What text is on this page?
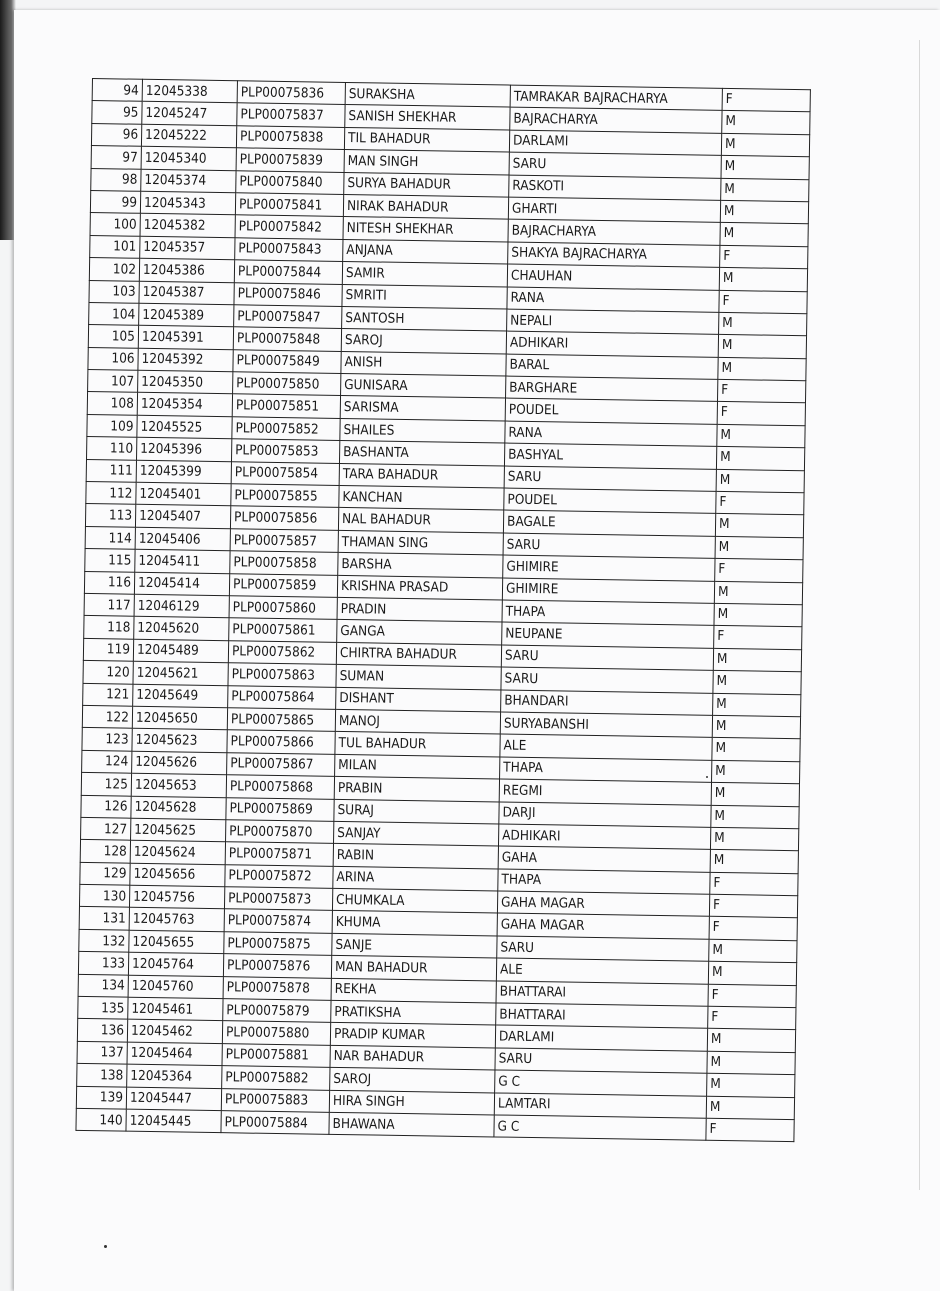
94	12045338	PLP00075836	SURAKSHA	TAMRAKAR BAJRACHARYA	F
95	12045247	PLP00075837	SANISH SHEKHAR	BAJRACHARYA	M
96	12045222	PLP00075838	TIL BAHADUR	DARLAMI	M
97	12045340	PLP00075839	MAN SINGH	SARU	M
98	12045374	PLP00075840	SURYA BAHADUR	RASKOTI	M
99	12045343	PLP00075841	NIRAK BAHADUR	GHARTI	M
100	12045382	PLP00075842	NITESH SHEKHAR	BAJRACHARYA	M
101	12045357	PLP00075843	ANJANA	SHAKYA BAJRACHARYA	F
102	12045386	PLP00075844	SAMIR	CHAUHAN	M
103	12045387	PLP00075846	SMRITI	RANA	F
104	12045389	PLP00075847	SANTOSH	NEPALI	M
105	12045391	PLP00075848	SAROJ	ADHIKARI	M
106	12045392	PLP00075849	ANISH	BARAL	M
107	12045350	PLP00075850	GUNISARA	BARGHARE	F
108	12045354	PLP00075851	SARISMA	POUDEL	F
109	12045525	PLP00075852	SHAILES	RANA	M
110	12045396	PLP00075853	BASHANTA	BASHYAL	M
111	12045399	PLP00075854	TARA BAHADUR	SARU	M
112	12045401	PLP00075855	KANCHAN	POUDEL	F
113	12045407	PLP00075856	NAL BAHADUR	BAGALE	M
114	12045406	PLP00075857	THAMAN SING	SARU	M
115	12045411	PLP00075858	BARSHA	GHIMIRE	F
116	12045414	PLP00075859	KRISHNA PRASAD	GHIMIRE	M
117	12046129	PLP00075860	PRADIN	THAPA	M
118	12045620	PLP00075861	GANGA	NEUPANE	F
119	12045489	PLP00075862	CHIRTRA BAHADUR	SARU	M
120	12045621	PLP00075863	SUMAN	SARU	M
121	12045649	PLP00075864	DISHANT	BHANDARI	M
122	12045650	PLP00075865	MANOJ	SURYABANSHI	M
123	12045623	PLP00075866	TUL BAHADUR	ALE	M
124	12045626	PLP00075867	MILAN	THAPA	M
125	12045653	PLP00075868	PRABIN	REGMI	M
126	12045628	PLP00075869	SURAJ	DARJI	M
127	12045625	PLP00075870	SANJAY	ADHIKARI	M
128	12045624	PLP00075871	RABIN	GAHA	M
129	12045656	PLP00075872	ARINA	THAPA	F
130	12045756	PLP00075873	CHUMKALA	GAHA MAGAR	F
131	12045763	PLP00075874	KHUMA	GAHA MAGAR	F
132	12045655	PLP00075875	SANJE	SARU	M
133	12045764	PLP00075876	MAN BAHADUR	ALE	M
134	12045760	PLP00075878	REKHA	BHATTARAI	F
135	12045461	PLP00075879	PRATIKSHA	BHATTARAI	F
136	12045462	PLP00075880	PRADIP KUMAR	DARLAMI	M
137	12045464	PLP00075881	NAR BAHADUR	SARU	M
138	12045364	PLP00075882	SAROJ	G C	M
139	12045447	PLP00075883	HIRA SINGH	LAMTARI	M
140	12045445	PLP00075884	BHAWANA	G C	F
